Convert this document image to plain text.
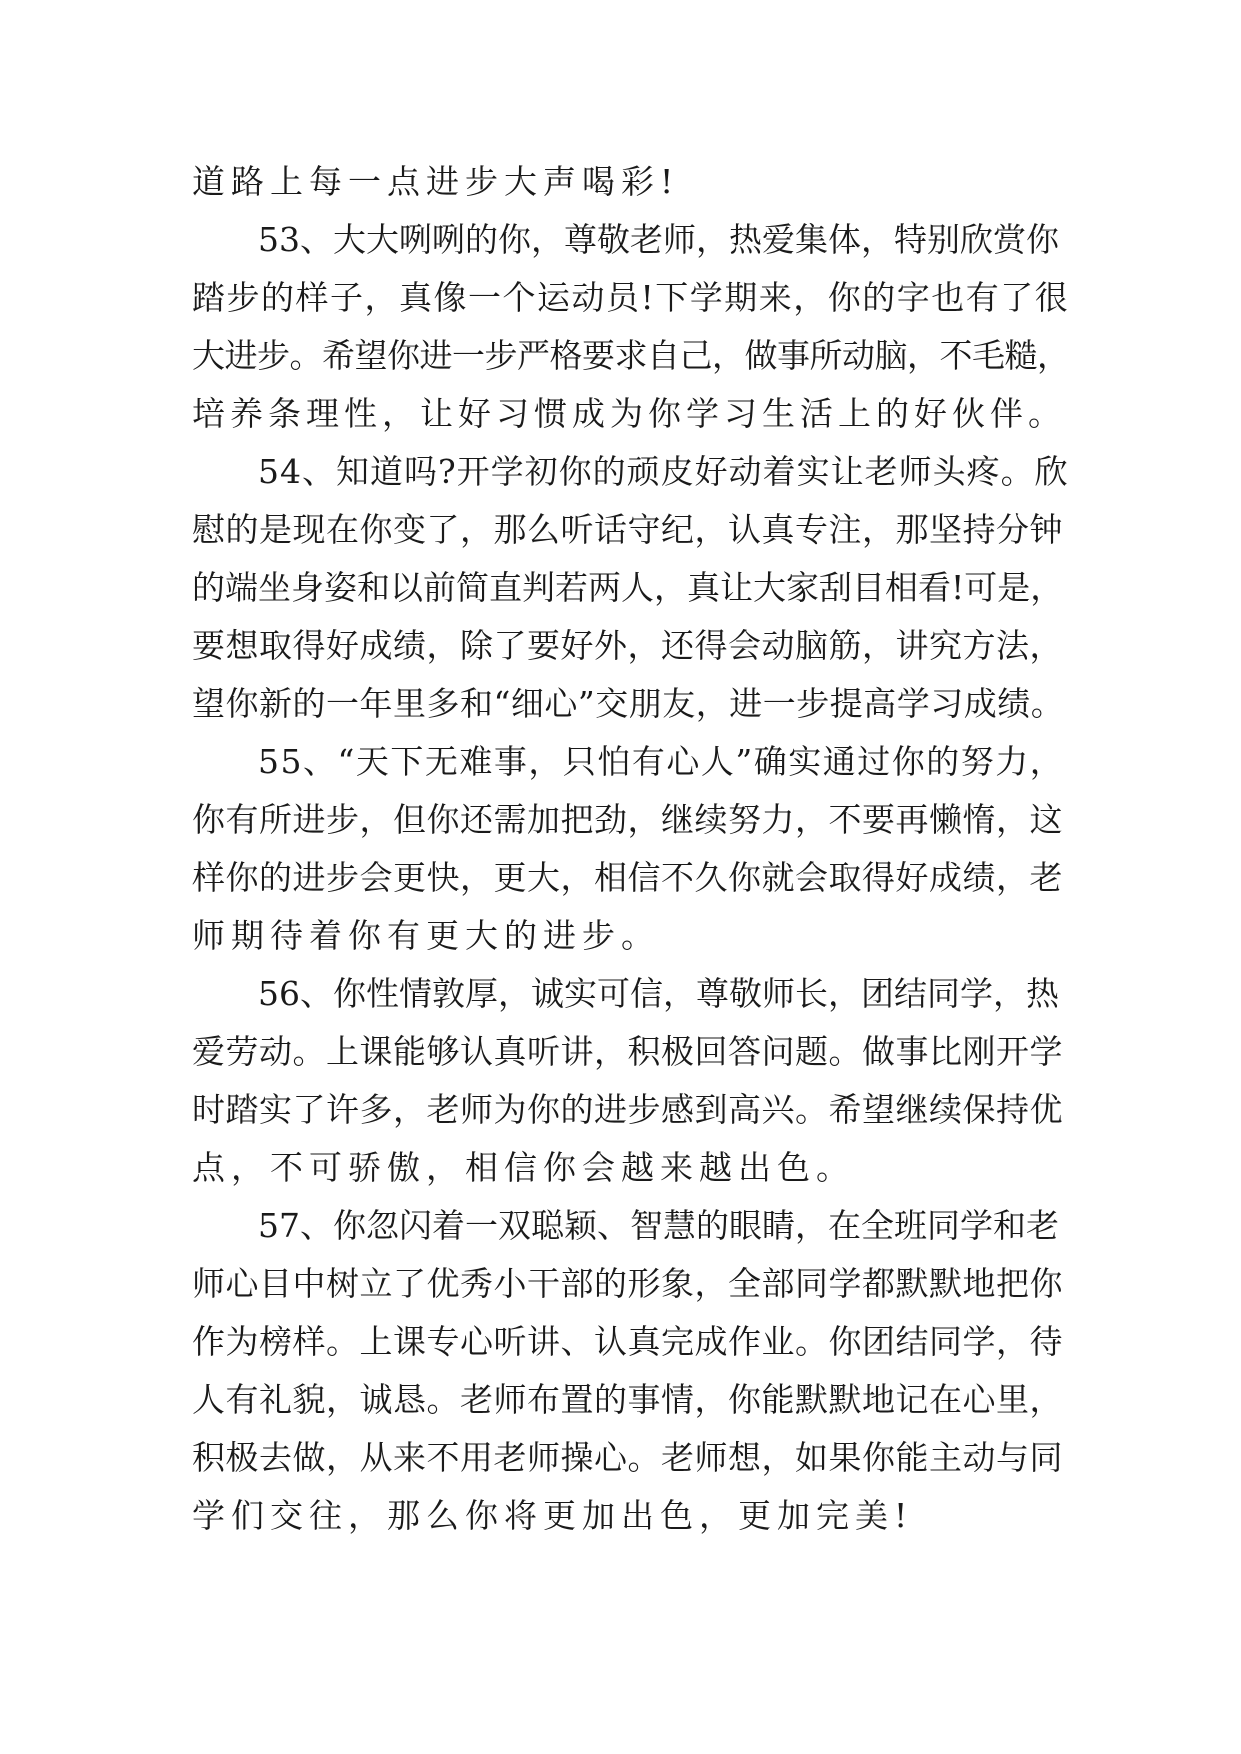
道路上每一点进步大声喝彩!
53、大大咧咧的你，尊敬老师，热爱集体，特别欣赏你
踏步的样子，真像一个运动员!下学期来，你的字也有了很
大进步。希望你进一步严格要求自己，做事所动脑，不毛糙，
培养条理性，让好习惯成为你学习生活上的好伙伴。
54、知道吗?开学初你的顽皮好动着实让老师头疼。欣
慰的是现在你变了，那么听话守纪，认真专注，那坚持分钟
的端坐身姿和以前简直判若两人，真让大家刮目相看!可是，
要想取得好成绩，除了要好外，还得会动脑筋，讲究方法，
望你新的一年里多和“细心”交朋友，进一步提高学习成绩。
55、“天下无难事，只怕有心人”确实通过你的努力，
你有所进步，但你还需加把劲，继续努力，不要再懒惰，这
样你的进步会更快，更大，相信不久你就会取得好成绩，老
师期待着你有更大的进步。
56、你性情敦厚，诚实可信，尊敬师长，团结同学，热
爱劳动。上课能够认真听讲，积极回答问题。做事比刚开学
时踏实了许多，老师为你的进步感到高兴。希望继续保持优
点，不可骄傲，相信你会越来越出色。
57、你忽闪着一双聪颖、智慧的眼睛，在全班同学和老
师心目中树立了优秀小干部的形象，全部同学都默默地把你
作为榜样。上课专心听讲、认真完成作业。你团结同学，待
人有礼貌，诚恳。老师布置的事情，你能默默地记在心里，
积极去做，从来不用老师操心。老师想，如果你能主动与同
学们交往，那么你将更加出色，更加完美!
